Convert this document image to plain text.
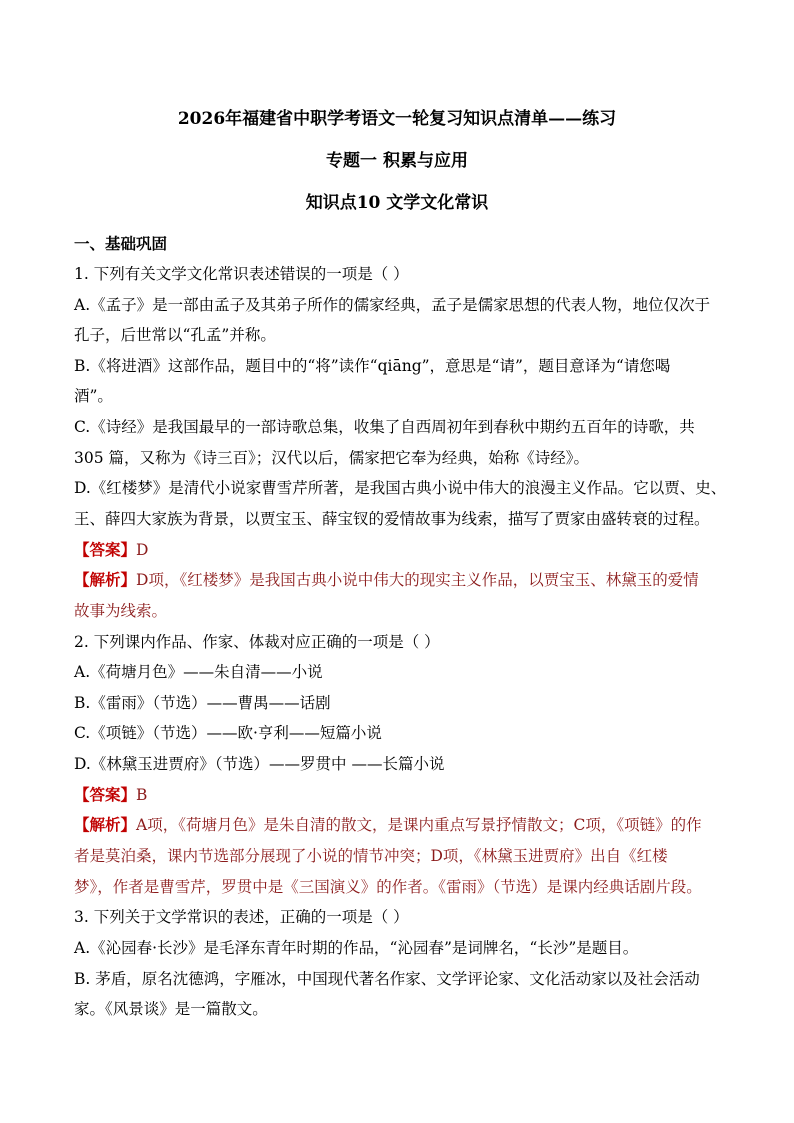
2026年福建省中职学考语文一轮复习知识点清单——练习
专题一 积累与应用
知识点10 文学文化常识
一、基础巩固
1. 下列有关文学文化常识表述错误的一项是（ ）
A.《孟子》是一部由孟子及其弟子所作的儒家经典，孟子是儒家思想的代表人物，地位仅次于
孔子，后世常以“孔孟”并称。
B.《将进酒》这部作品，题目中的“将”读作“qiāng”，意思是“请”，题目意译为“请您喝
酒”。
C.《诗经》是我国最早的一部诗歌总集，收集了自西周初年到春秋中期约五百年的诗歌，共
305 篇，又称为《诗三百》；汉代以后，儒家把它奉为经典，始称《诗经》。
D.《红楼梦》是清代小说家曹雪芹所著，是我国古典小说中伟大的浪漫主义作品。它以贾、史、
王、薛四大家族为背景，以贾宝玉、薛宝钗的爱情故事为线索，描写了贾家由盛转衰的过程。
【答案】D
【解析】D项，《红楼梦》是我国古典小说中伟大的现实主义作品，以贾宝玉、林黛玉的爱情
故事为线索。
2. 下列课内作品、作家、体裁对应正确的一项是（ ）
A.《荷塘月色》——朱自清——小说
B.《雷雨》（节选）——曹禺——话剧
C.《项链》（节选）——欧·亨利——短篇小说
D.《林黛玉进贾府》（节选）——罗贯中 ——长篇小说
【答案】B
【解析】A项，《荷塘月色》是朱自清的散文，是课内重点写景抒情散文；C项，《项链》的作
者是莫泊桑，课内节选部分展现了小说的情节冲突；D项，《林黛玉进贾府》出自《红楼
梦》，作者是曹雪芹，罗贯中是《三国演义》的作者。《雷雨》（节选）是课内经典话剧片段。
3. 下列关于文学常识的表述，正确的一项是（ ）
A.《沁园春·长沙》是毛泽东青年时期的作品，“沁园春”是词牌名，“长沙”是题目。
B. 茅盾，原名沈德鸿，字雁冰，中国现代著名作家、文学评论家、文化活动家以及社会活动
家。《风景谈》是一篇散文。
